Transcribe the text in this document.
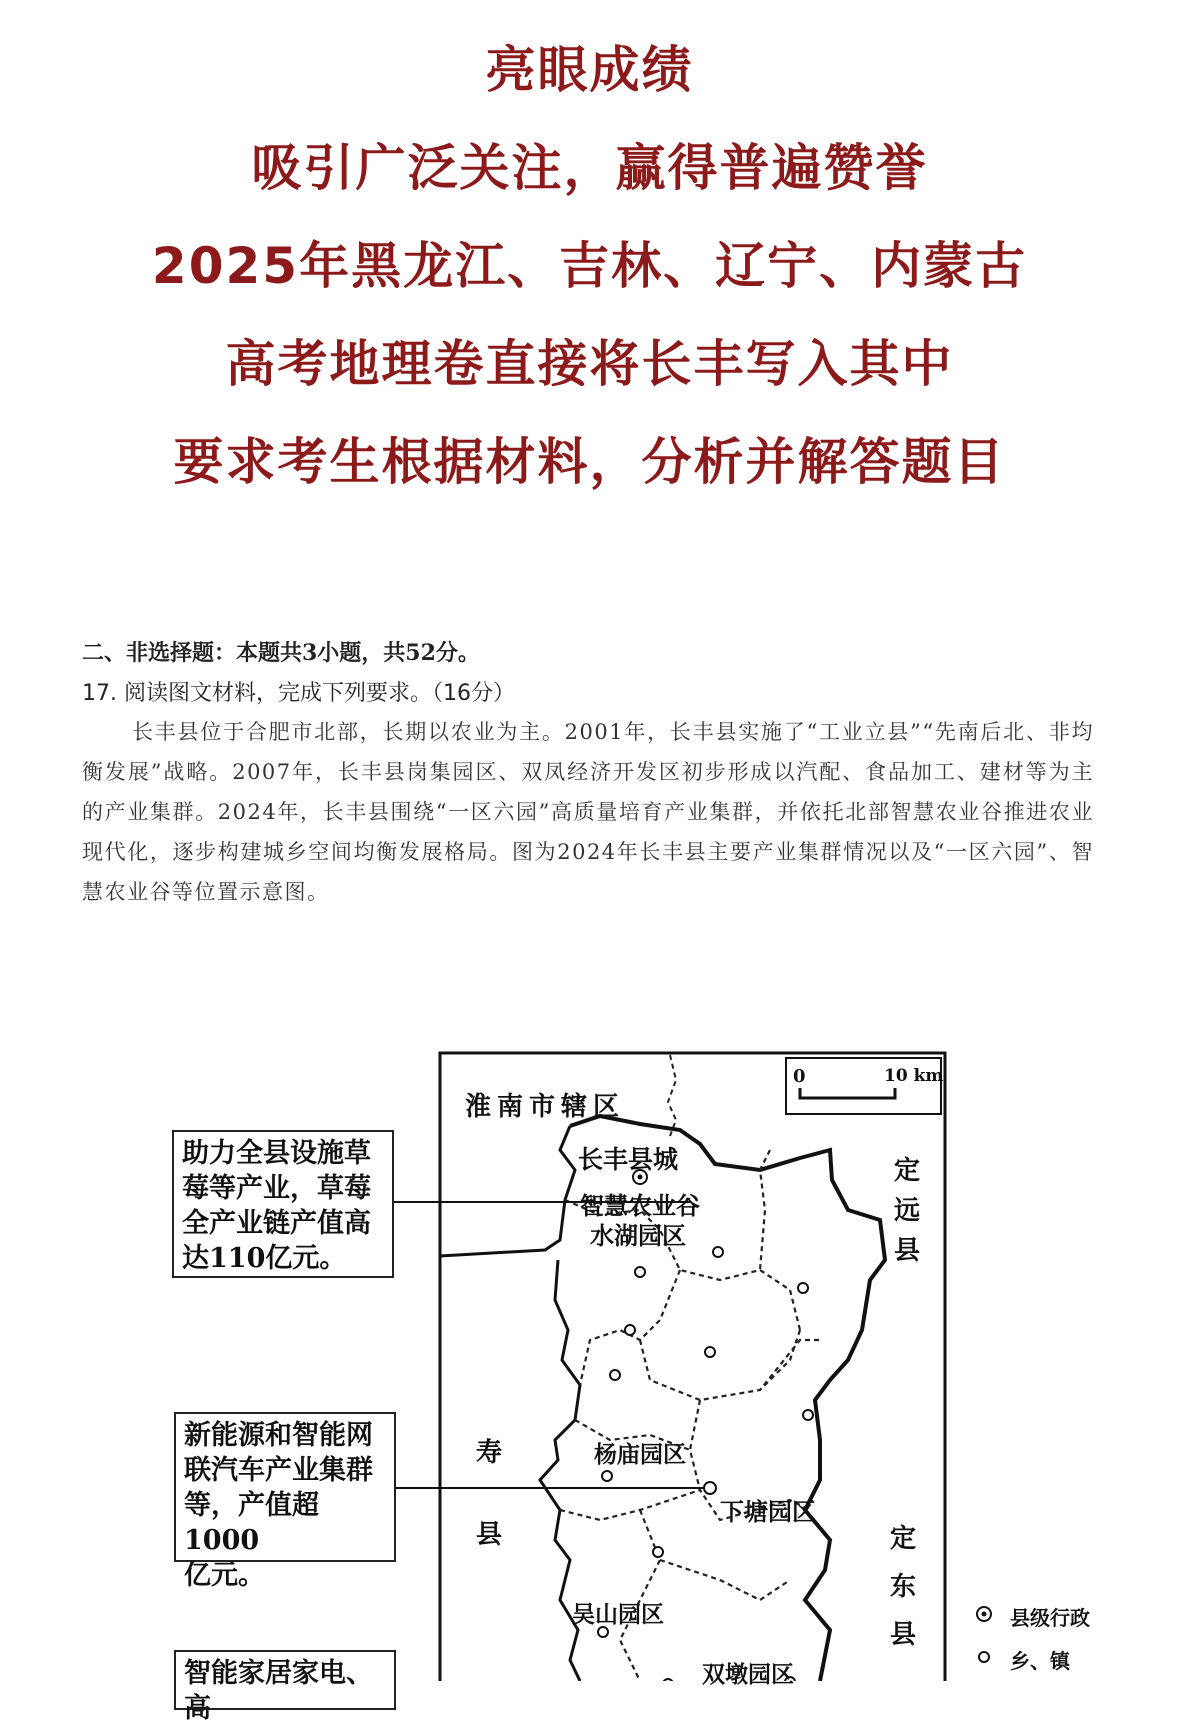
亮眼成绩
吸引广泛关注，赢得普遍赞誉
2025年黑龙江、吉林、辽宁、内蒙古
高考地理卷直接将长丰写入其中
要求考生根据材料，分析并解答题目
二、非选择题：本题共3小题，共52分。
17. 阅读图文材料，完成下列要求。（16分）

长丰县位于合肥市北部，长期以农业为主。2001年，长丰县实施了“工业立县”“先南后北、非均衡发展”战略。2007年，长丰县岗集园区、双凤经济开发区初步形成以汽配、食品加工、建材等为主的产业集群。2024年，长丰县围绕“一区六园”高质量培育产业集群，并依托北部智慧农业谷推进农业现代化，逐步构建城乡空间均衡发展格局。图为2024年长丰县主要产业集群情况以及“一区六园”、智慧农业谷等位置示意图。

0	10 km
淮南市辖区
长丰县城
智慧农业谷
水湖园区
定
远
县
寿
县
杨庙园区
下塘园区
吴山园区
双墩园区
定
东
县
县级行政
乡、镇
助力全县设施草
莓等产业，草莓
全产业链产值高
达110亿元。
新能源和智能网
联汽车产业集群
等，产值超1000
亿元。
智能家居家电、高
